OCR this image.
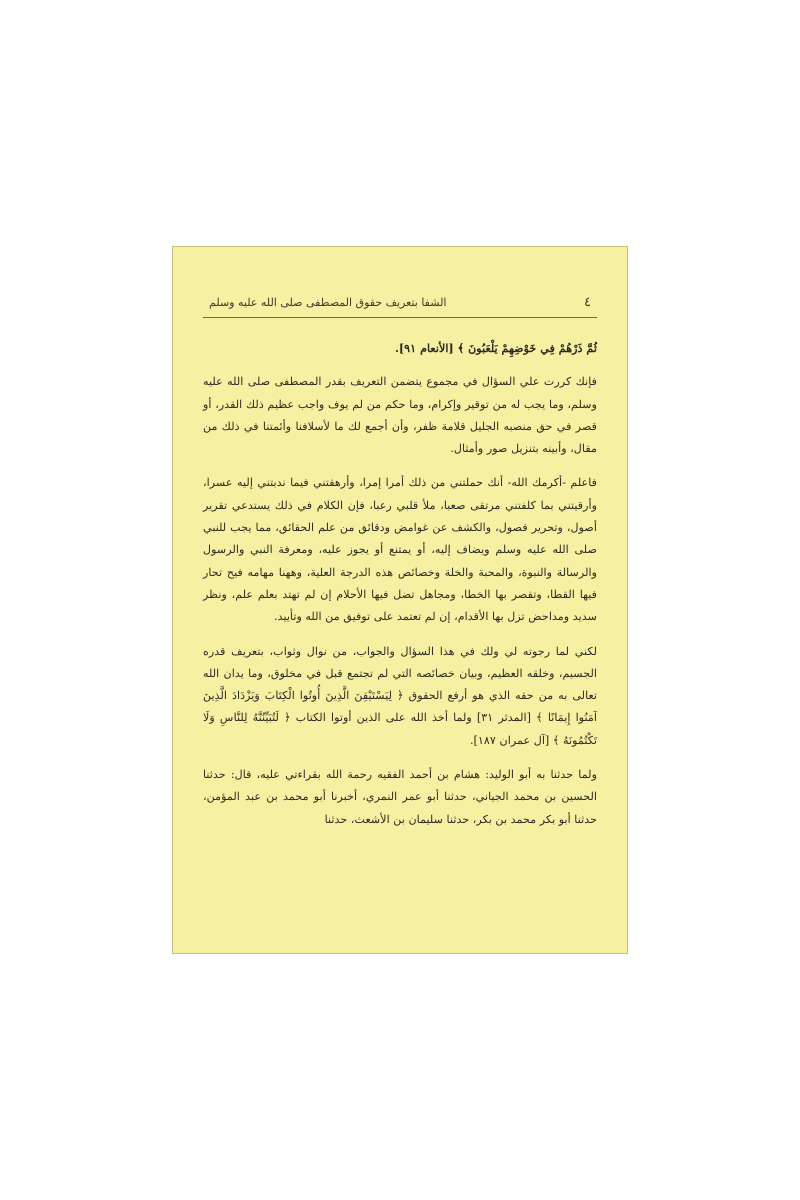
٤
الشفا بتعريف حقوق المصطفى صلى الله عليه وسلم

ثُمَّ ذَرْهُمْ فِي خَوْضِهِمْ يَلْعَبُونَ ﴾ [الأنعام ٩١].

فإنك كررت علي السؤال في مجموع يتضمن التعريف بقدر المصطفى صلى الله عليه وسلم، وما يجب له من توقير وإكرام، وما حكم من لم يوف واجب عظيم ذلك القدر، أو قصر في حق منصبه الجليل قلامة ظفر، وأن أجمع لك ما لأسلافنا وأئمتنا في ذلك من مقال، وأبينه بتنزيل صور وأمثال.

فاعلم -أكرمك الله- أنك حملتني من ذلك أمرا إمرا، وأرهقتني فيما ندبتني إليه عسرا، وأرقيتني بما كلفتني مرتقى صعبا، ملأ قلبي رعبا، فإن الكلام في ذلك يستدعي تقرير أصول، وتحرير فصول، والكشف عن غوامض ودقائق من علم الحقائق، مما يجب للنبي صلى الله عليه وسلم ويضاف إليه، أو يمتنع أو يجوز عليه، ومعرفة النبي والرسول والرسالة والنبوة، والمحبة والخلة وخصائص هذه الدرجة العلية، وههنا مهامه فيح تحار فيها القطا، وتقصر بها الخطا، ومجاهل تضل فيها الأحلام إن لم تهتد بعلم علم، ونظر سديد ومداحض تزل بها الأقدام، إن لم تعتمد على توفيق من الله وتأييد.

لكني لما رجوته لي ولك في هذا السؤال والجواب، من نوال وثواب، بتعريف قدره الجسيم، وخلقه العظيم، وبيان خصائصه التي لم تجتمع قبل في مخلوق، وما يدان الله تعالى به من حقه الذي هو أرفع الحقوق ﴿ لِيَسْتَيْقِنَ الَّذِينَ أُوتُوا الْكِتَابَ وَيَزْدَادَ الَّذِينَ آمَنُوا إِيمَانًا ﴾ [المدثر ٣١] ولما أخذ الله على الذين أوتوا الكتاب ﴿ لَتُبَيِّنُنَّهُ لِلنَّاسِ وَلَا تَكْتُمُونَهُ ﴾ [آل عمران ١٨٧].

ولما حدثنا به أبو الوليد: هشام بن أحمد الفقيه رحمة الله بقراءتي عليه، قال: حدثنا الحسين بن محمد الجياني، حدثنا أبو عمر النمري، أخبرنا أبو محمد بن عبد المؤمن، حدثنا أبو بكر محمد بن بكر، حدثنا سليمان بن الأشعث، حدثنا
